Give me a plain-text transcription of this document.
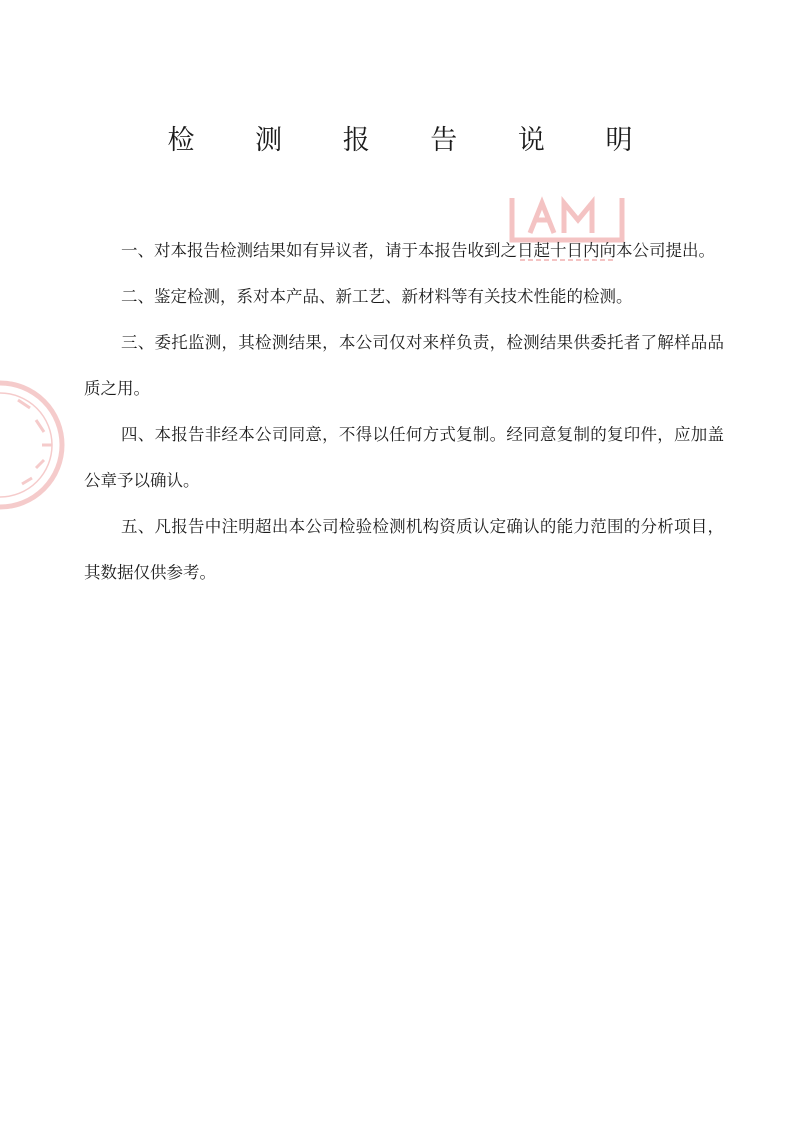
检 测 报 告 说 明

一、对本报告检测结果如有异议者，请于本报告收到之日起十日内向本公司提出。

二、鉴定检测，系对本产品、新工艺、新材料等有关技术性能的检测。

三、委托监测，其检测结果，本公司仅对来样负责，检测结果供委托者了解样品品质之用。

四、本报告非经本公司同意，不得以任何方式复制。经同意复制的复印件，应加盖公章予以确认。

五、凡报告中注明超出本公司检验检测机构资质认定确认的能力范围的分析项目，其数据仅供参考。
